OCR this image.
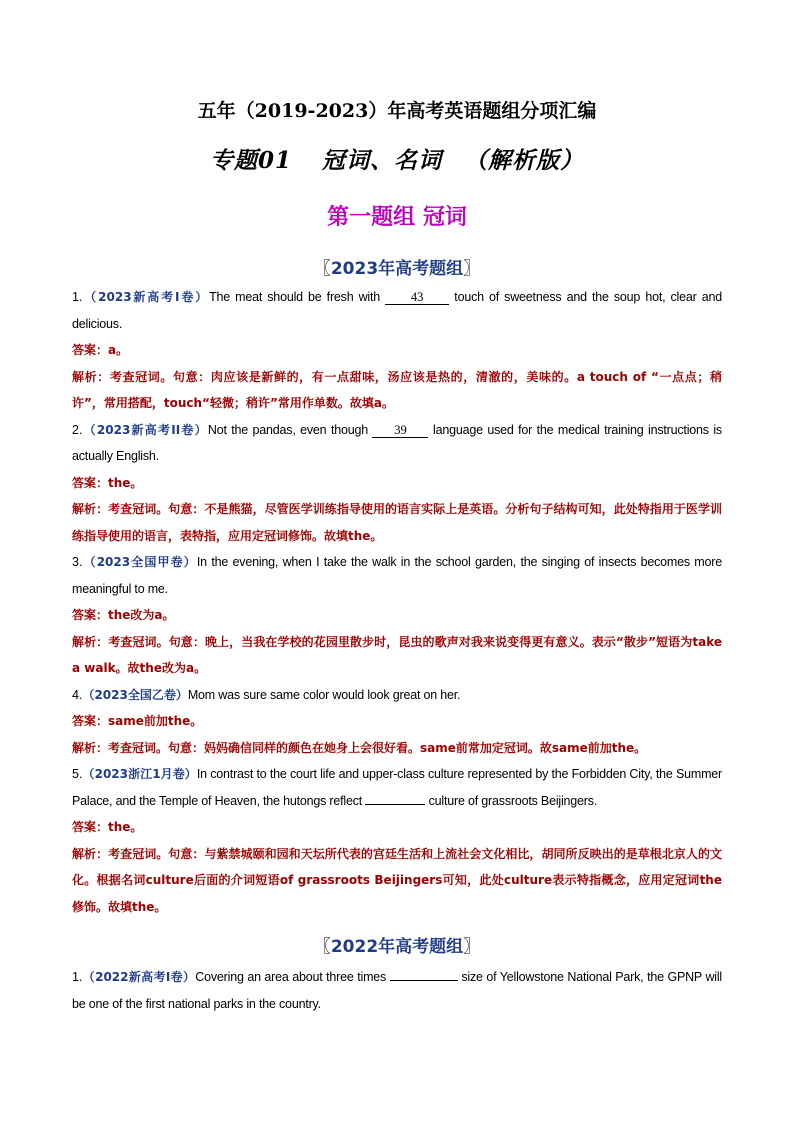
五年（2019-2023）年高考英语题组分项汇编
专题01 冠词、名词 （解析版）
第一题组 冠词
〖2023年高考题组〗
1.（2023新高考I卷）The meat should be fresh with 43 touch of sweetness and the soup hot, clear and delicious.
答案：a。
解析：考查冠词。句意：肉应该是新鲜的，有一点甜味，汤应该是热的，清澈的，美味的。a touch of “一点点；稍许”，常用搭配，touch“轻微；稍许”常用作单数。故填a。
2.（2023新高考II卷）Not the pandas, even though 39 language used for the medical training instructions is actually English.
答案：the。
解析：考查冠词。句意：不是熊猫，尽管医学训练指导使用的语言实际上是英语。分析句子结构可知，此处特指用于医学训练指导使用的语言，表特指，应用定冠词修饰。故填the。
3.（2023全国甲卷）In the evening, when I take the walk in the school garden, the singing of insects becomes more meaningful to me.
答案：the改为a。
解析：考查冠词。句意：晚上，当我在学校的花园里散步时，昆虫的歌声对我来说变得更有意义。表示“散步”短语为take a walk。故the改为a。
4.（2023全国乙卷）Mom was sure same color would look great on her.
答案：same前加the。
解析：考查冠词。句意：妈妈确信同样的颜色在她身上会很好看。same前常加定冠词。故same前加the。
5.（2023浙江1月卷）In contrast to the court life and upper-class culture represented by the Forbidden City, the Summer Palace, and the Temple of Heaven, the hutongs reflect	culture of grassroots Beijingers.
答案：the。
解析：考查冠词。句意：与紫禁城颐和园和天坛所代表的宫廷生活和上流社会文化相比，胡同所反映出的是草根北京人的文化。根据名词culture后面的介词短语of grassroots Beijingers可知，此处culture表示特指概念，应用定冠词the修饰。故填the。
〖2022年高考题组〗
1.（2022新高考I卷）Covering an area about three times	size of Yellowstone National Park, the GPNP will be one of the first national parks in the country.
